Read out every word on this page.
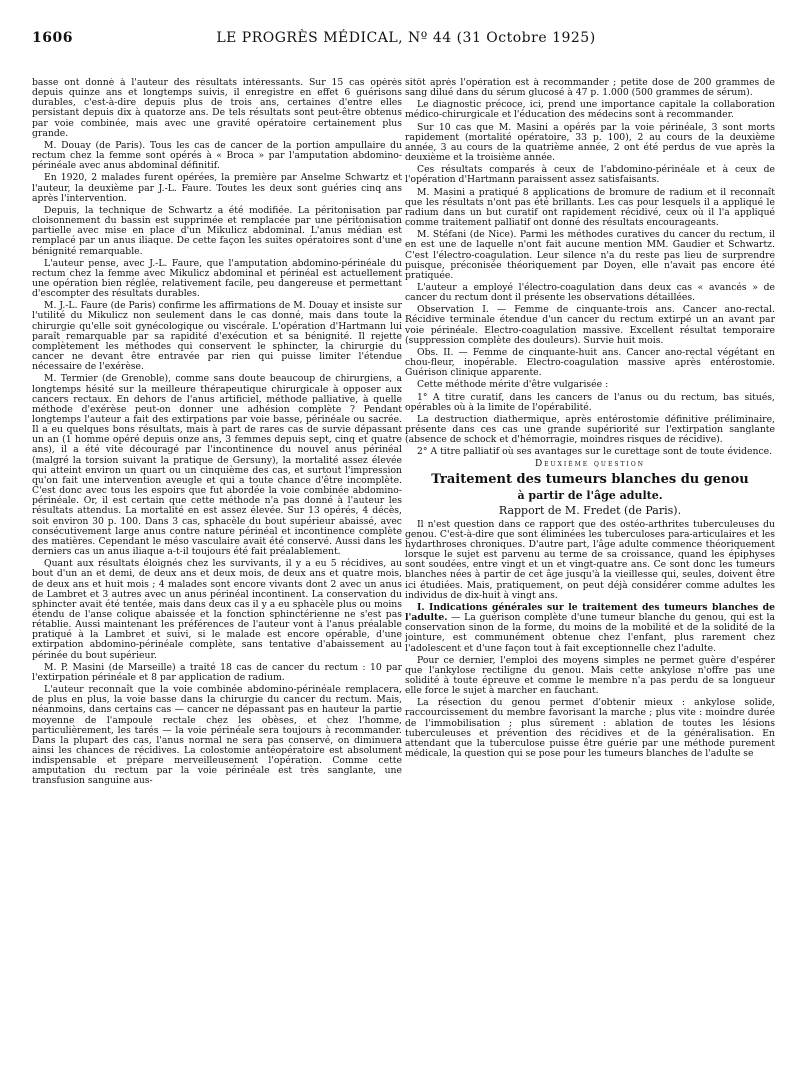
1606	LE PROGRÈS MÉDICAL, Nº 44 (31 Octobre 1925)

basse ont donné à l'auteur des résultats intéressants. Sur 15 cas opérés depuis quinze ans et longtemps suivis, il enregistre en effet 6 guérisons durables, c'est-à-dire depuis plus de trois ans, certaines d'entre elles persistant depuis dix à quatorze ans. De tels résultats sont peut-être obtenus par voie combinée, mais avec une gravité opératoire certainement plus grande.

M. Douay (de Paris). Tous les cas de cancer de la portion ampullaire du rectum chez la femme sont opérés à « Broca » par l'amputation abdomino-périnéale avec anus abdominal définitif.

En 1920, 2 malades furent opérées, la première par Anselme Schwartz et l'auteur, la deuxième par J.-L. Faure. Toutes les deux sont guéries cinq ans après l'intervention.

Depuis, la technique de Schwartz a été modifiée. La péritonisation par cloisonnement du bassin est supprimée et remplacée par une péritonisation partielle avec mise en place d'un Mikulicz abdominal. L'anus médian est remplacé par un anus iliaque. De cette façon les suites opératoires sont d'une bénignité remarquable.

L'auteur pense, avec J.-L. Faure, que l'amputation abdomino-périnéale du rectum chez la femme avec Mikulicz abdominal et périnéal est actuellement une opération bien réglée, relativement facile, peu dangereuse et permettant d'escompter des résultats durables.

M. J.-L. Faure (de Paris) confirme les affirmations de M. Douay et insiste sur l'utilité du Mikulicz non seulement dans le cas donné, mais dans toute la chirurgie qu'elle soit gynécologique ou viscérale. L'opération d'Hartmann lui paraît remarquable par sa rapidité d'exécution et sa bénignité. Il rejette complètement les méthodes qui conservent le sphincter, la chirurgie du cancer ne devant être entravée par rien qui puisse limiter l'étendue nécessaire de l'exérèse.

M. Termier (de Grenoble), comme sans doute beaucoup de chirurgiens, a longtemps hésité sur la meilleure thérapeutique chirurgicale à opposer aux cancers rectaux. En dehors de l'anus artificiel, méthode palliative, à quelle méthode d'exérèse peut-on donner une adhésion complète ? Pendant longtemps l'auteur a fait des extirpations par voie basse, périnéale ou sacrée. Il a eu quelques bons résultats, mais à part de rares cas de survie dépassant un an (1 homme opéré depuis onze ans, 3 femmes depuis sept, cinq et quatre ans), il a été vite découragé par l'incontinence du nouvel anus périnéal (malgré la torsion suivant la pratique de Gersuny), la mortalité assez élevée qui atteint environ un quart ou un cinquième des cas, et surtout l'impression qu'on fait une intervention aveugle et qui a toute chance d'être incomplète. C'est donc avec tous les espoirs que fut abordée la voie combinée abdomino-périnéale. Or, il est certain que cette méthode n'a pas donné à l'auteur les résultats attendus. La mortalité en est assez élevée. Sur 13 opérés, 4 décès, soit environ 30 p. 100. Dans 3 cas, sphacèle du bout supérieur abaissé, avec consécutivement large anus contre nature périnéal et incontinence complète des matières. Cependant le méso vasculaire avait été conservé. Aussi dans les derniers cas un anus iliaque a-t-il toujours été fait préalablement.

Quant aux résultats éloignés chez les survivants, il y a eu 5 récidives, au bout d'un an et demi, de deux ans et deux mois, de deux ans et quatre mois, de deux ans et huit mois ; 4 malades sont encore vivants dont 2 avec un anus de Lambret et 3 autres avec un anus périnéal incontinent. La conservation du sphincter avait été tentée, mais dans deux cas il y a eu sphacèle plus ou moins étendu de l'anse colique abaissée et la fonction sphinctérienne ne s'est pas rétablie. Aussi maintenant les préférences de l'auteur vont à l'anus préalable pratiqué à la Lambret et suivi, si le malade est encore opérable, d'une extirpation abdomino-périnéale complète, sans tentative d'abaissement au périnée du bout supérieur.

M. P. Masini (de Marseille) a traité 18 cas de cancer du rectum : 10 par l'extirpation périnéale et 8 par application de radium.

L'auteur reconnaît que la voie combinée abdomino-périnéale remplacera, de plus en plus, la voie basse dans la chirurgie du cancer du rectum. Mais, néanmoins, dans certains cas — cancer ne dépassant pas en hauteur la partie moyenne de l'ampoule rectale chez les obèses, et chez l'homme, particulièrement, les tarés — la voie périnéale sera toujours à recommander. Dans la plupart des cas, l'anus normal ne sera pas conservé, on diminuera ainsi les chances de récidives. La colostomie antéopératoire est absolument indispensable et prépare merveilleusement l'opération. Comme cette amputation du rectum par la voie périnéale est très sanglante, une transfusion sanguine aus-

sitôt après l'opération est à recommander ; petite dose de 200 grammes de sang dilué dans du sérum glucosé à 47 p. 1.000 (500 grammes de sérum).

Le diagnostic précoce, ici, prend une importance capitale la collaboration médico-chirurgicale et l'éducation des médecins sont à recommander.

Sur 10 cas que M. Masini a opérés par la voie périnéale, 3 sont morts rapidement (mortalité opératoire, 33 p. 100), 2 au cours de la deuxième année, 3 au cours de la quatrième année, 2 ont été perdus de vue après la deuxième et la troisième année.

Ces résultats comparés à ceux de l'abdomino-périnéale et à ceux de l'opération d'Hartmann paraissent assez satisfaisants.

M. Masini a pratiqué 8 applications de bromure de radium et il reconnaît que les résultats n'ont pas été brillants. Les cas pour lesquels il a appliqué le radium dans un but curatif ont rapidement récidivé, ceux où il l'a appliqué comme traitement palliatif ont donné des résultats encourageants.

M. Stéfani (de Nice). Parmi les méthodes curatives du cancer du rectum, il en est une de laquelle n'ont fait aucune mention MM. Gaudier et Schwartz. C'est l'électro-coagulation. Leur silence n'a du reste pas lieu de surprendre puisque, préconisée théoriquement par Doyen, elle n'avait pas encore été pratiquée.

L'auteur a employé l'électro-coagulation dans deux cas « avancés » de cancer du rectum dont il présente les observations détaillées.

Observation I. — Femme de cinquante-trois ans. Cancer ano-rectal. Récidive terminale étendue d'un cancer du rectum extirpé un an avant par voie périnéale. Electro-coagulation massive. Excellent résultat temporaire (suppression complète des douleurs). Survie huit mois.

Obs. II. — Femme de cinquante-huit ans. Cancer ano-rectal végétant en chou-fleur, inopérable. Electro-coagulation massive après entérostomie. Guérison clinique apparente.

Cette méthode mérite d'être vulgarisée :

1° A titre curatif, dans les cancers de l'anus ou du rectum, bas situés, opérables où à la limite de l'opérabilité.

La destruction diathermique, après entérostomie définitive préliminaire, présente dans ces cas une grande supériorité sur l'extirpation sanglante (absence de schock et d'hémorragie, moindres risques de récidive).

2° A titre palliatif où ses avantages sur le curettage sont de toute évidence.

Deuxième question

Traitement des tumeurs blanches du genou

à partir de l'âge adulte.

Rapport de M. Fredet (de Paris).

Il n'est question dans ce rapport que des ostéo-arthrites tuberculeuses du genou. C'est-à-dire que sont éliminées les tuberculoses para-articulaires et les hydarthroses chroniques. D'autre part, l'âge adulte commence théoriquement lorsque le sujet est parvenu au terme de sa croissance, quand les épiphyses sont soudées, entre vingt et un et vingt-quatre ans. Ce sont donc les tumeurs blanches nées à partir de cet âge jusqu'à la vieillesse qui, seules, doivent être ici étudiées. Mais, pratiquement, on peut déjà considérer comme adultes les individus de dix-huit à vingt ans.

I. Indications générales sur le traitement des tumeurs blanches de l'adulte. — La guérison complète d'une tumeur blanche du genou, qui est la conservation sinon de la forme, du moins de la mobilité et de la solidité de la jointure, est communément obtenue chez l'enfant, plus rarement chez l'adolescent et d'une façon tout à fait exceptionnelle chez l'adulte.

Pour ce dernier, l'emploi des moyens simples ne permet guère d'espérer que l'ankylose rectiligne du genou. Mais cette ankylose n'offre pas une solidité à toute épreuve et comme le membre n'a pas perdu de sa longueur elle force le sujet à marcher en fauchant.

La résection du genou permet d'obtenir mieux : ankylose solide, raccourcissement du membre favorisant la marche ; plus vite : moindre durée de l'immobilisation ; plus sûrement : ablation de toutes les lésions tuberculeuses et prévention des récidives et de la généralisation. En attendant que la tuberculose puisse être guérie par une méthode purement médicale, la question qui se pose pour les tumeurs blanches de l'adulte se
